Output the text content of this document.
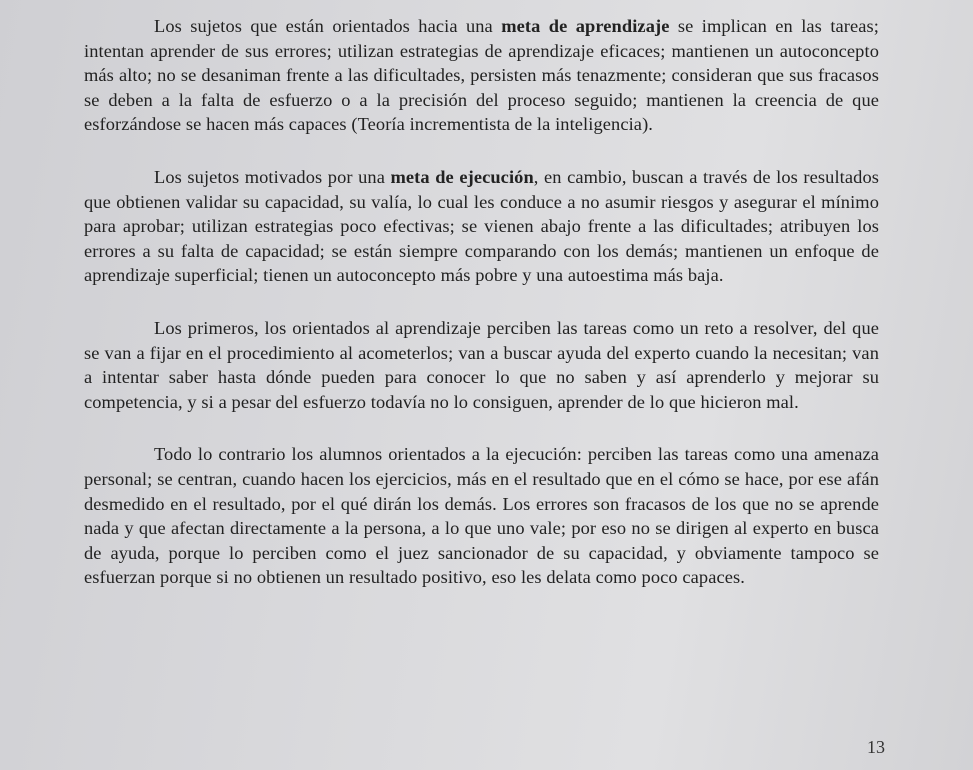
Los sujetos que están orientados hacia una meta de aprendizaje se implican en las tareas; intentan aprender de sus errores; utilizan estrategias de aprendizaje eficaces; mantienen un autoconcepto más alto; no se desaniman frente a las dificultades, persisten más tenazmente; consideran que sus fracasos se deben a la falta de esfuerzo o a la precisión del proceso seguido; mantienen la creencia de que esforzándose se hacen más capaces (Teoría incrementista de la inteligencia).

Los sujetos motivados por una meta de ejecución, en cambio, buscan a través de los resultados que obtienen validar su capacidad, su valía, lo cual les conduce a no asumir riesgos y asegurar el mínimo para aprobar; utilizan estrategias poco efectivas; se vienen abajo frente a las dificultades; atribuyen los errores a su falta de capacidad; se están siempre comparando con los demás; mantienen un enfoque de aprendizaje superficial; tienen un autoconcepto más pobre y una autoestima más baja.

Los primeros, los orientados al aprendizaje perciben las tareas como un reto a resolver, del que se van a fijar en el procedimiento al acometerlos; van a buscar ayuda del experto cuando la necesitan; van a intentar saber hasta dónde pueden para conocer lo que no saben y así aprenderlo y mejorar su competencia, y si a pesar del esfuerzo todavía no lo consiguen, aprender de lo que hicieron mal.

Todo lo contrario los alumnos orientados a la ejecución: perciben las tareas como una amenaza personal; se centran, cuando hacen los ejercicios, más en el resultado que en el cómo se hace, por ese afán desmedido en el resultado, por el qué dirán los demás. Los errores son fracasos de los que no se aprende nada y que afectan directamente a la persona, a lo que uno vale; por eso no se dirigen al experto en busca de ayuda, porque lo perciben como el juez sancionador de su capacidad, y obviamente tampoco se esfuerzan porque si no obtienen un resultado positivo, eso les delata como poco capaces.

13
